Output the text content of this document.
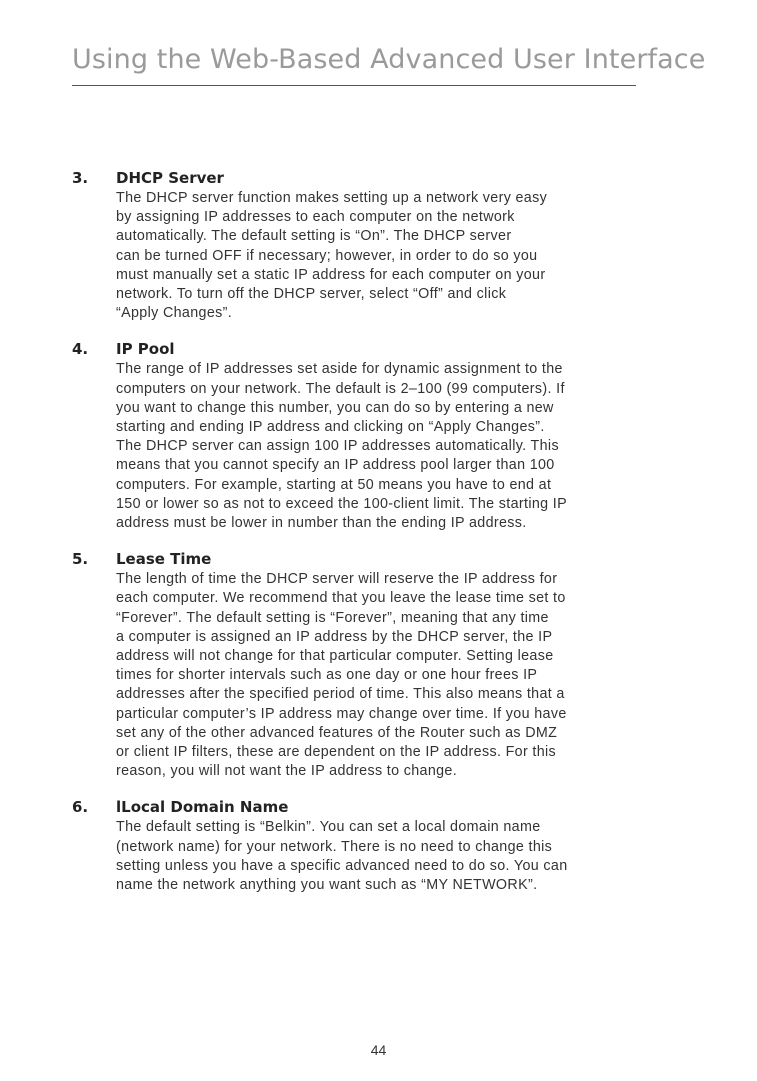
Using the Web-Based Advanced User Interface
3. DHCP Server
The DHCP server function makes setting up a network very easy
by assigning IP addresses to each computer on the network
automatically. The default setting is “On”. The DHCP server
can be turned OFF if necessary; however, in order to do so you
must manually set a static IP address for each computer on your
network. To turn off the DHCP server, select “Off” and click
“Apply Changes”.
4. IP Pool
The range of IP addresses set aside for dynamic assignment to the
computers on your network. The default is 2–100 (99 computers). If
you want to change this number, you can do so by entering a new
starting and ending IP address and clicking on “Apply Changes”.
The DHCP server can assign 100 IP addresses automatically. This
means that you cannot specify an IP address pool larger than 100
computers. For example, starting at 50 means you have to end at
150 or lower so as not to exceed the 100-client limit. The starting IP
address must be lower in number than the ending IP address.
5. Lease Time
The length of time the DHCP server will reserve the IP address for
each computer. We recommend that you leave the lease time set to
“Forever”. The default setting is “Forever”, meaning that any time
a computer is assigned an IP address by the DHCP server, the IP
address will not change for that particular computer. Setting lease
times for shorter intervals such as one day or one hour frees IP
addresses after the specified period of time. This also means that a
particular computer’s IP address may change over time. If you have
set any of the other advanced features of the Router such as DMZ
or client IP filters, these are dependent on the IP address. For this
reason, you will not want the IP address to change.
6. lLocal Domain Name
The default setting is “Belkin”. You can set a local domain name
(network name) for your network. There is no need to change this
setting unless you have a specific advanced need to do so. You can
name the network anything you want such as “MY NETWORK”.
44
